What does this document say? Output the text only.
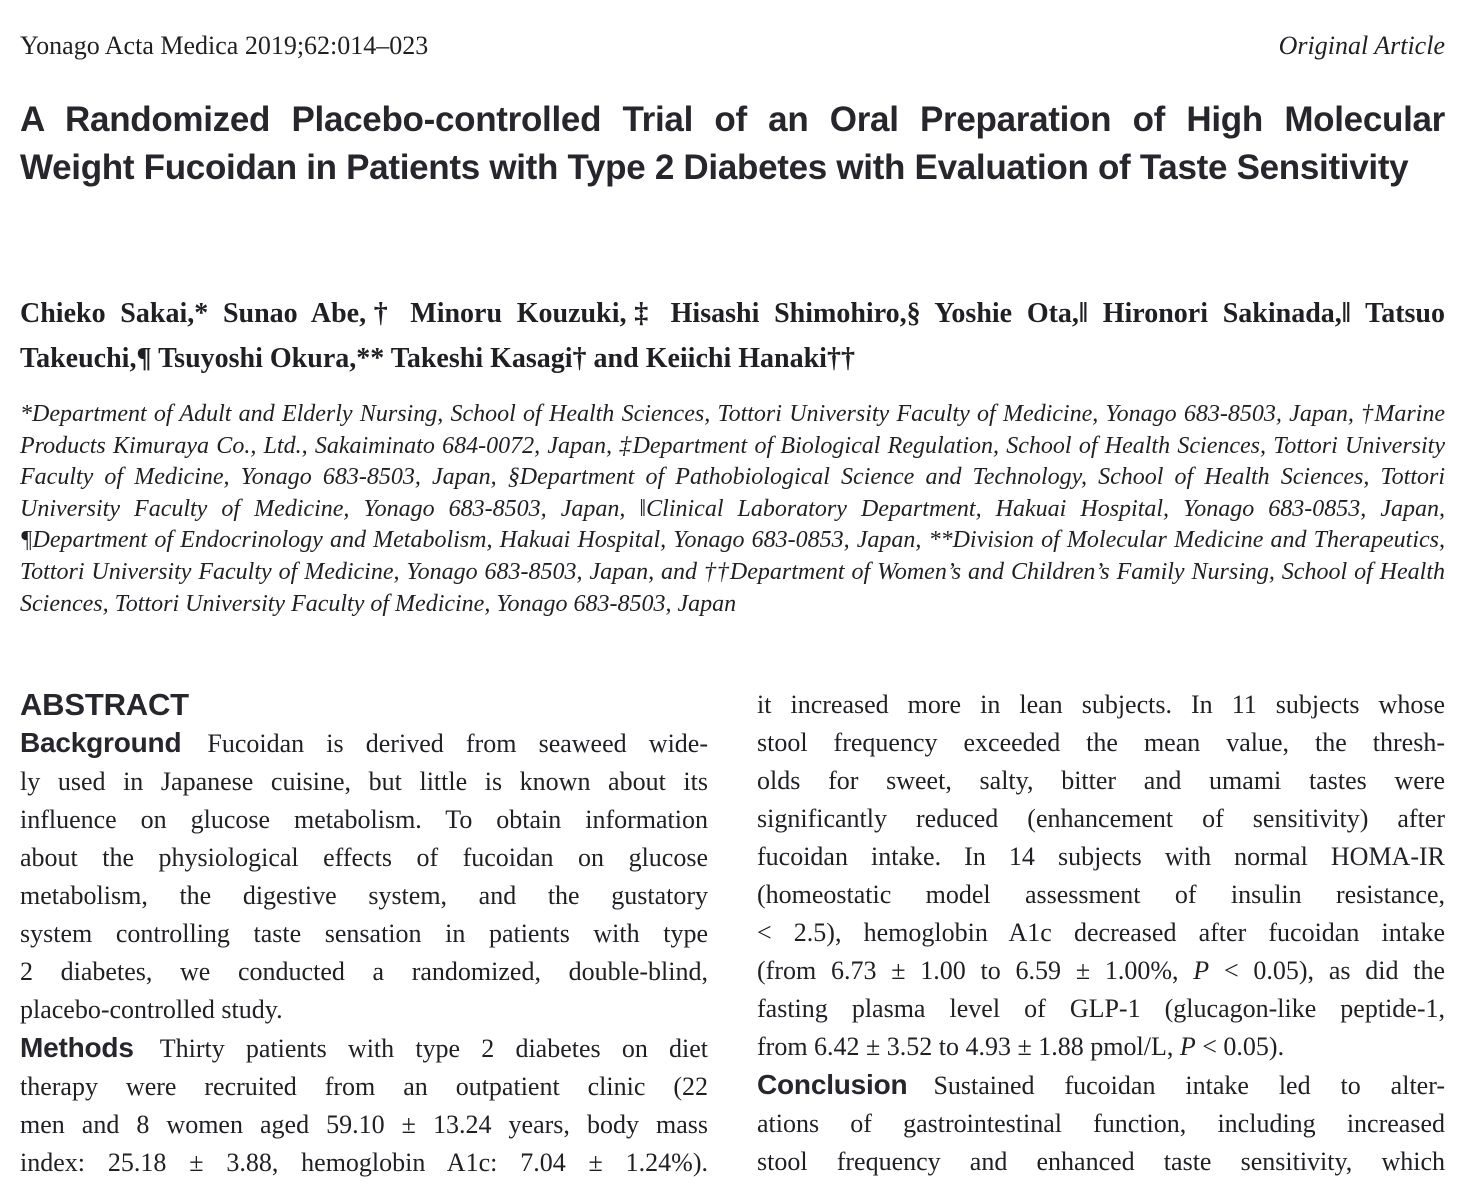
Yonago Acta Medica 2019;62:014–023	Original Article
A Randomized Placebo-controlled Trial of an Oral Preparation of High Molecular Weight Fucoidan in Patients with Type 2 Diabetes with Evaluation of Taste Sensitivity

Chieko Sakai,* Sunao Abe,† Minoru Kouzuki,‡ Hisashi Shimohiro,§ Yoshie Ota,‖ Hironori Sakinada,‖ Tatsuo Takeuchi,¶ Tsuyoshi Okura,** Takeshi Kasagi† and Keiichi Hanaki††

*Department of Adult and Elderly Nursing, School of Health Sciences, Tottori University Faculty of Medicine, Yonago 683-8503, Japan, †Marine Products Kimuraya Co., Ltd., Sakaiminato 684-0072, Japan, ‡Department of Biological Regulation, School of Health Sciences, Tottori University Faculty of Medicine, Yonago 683-8503, Japan, §Department of Pathobiological Science and Technology, School of Health Sciences, Tottori University Faculty of Medicine, Yonago 683-8503, Japan, ‖Clinical Laboratory Department, Hakuai Hospital, Yonago 683-0853, Japan, ¶Department of Endocrinology and Metabolism, Hakuai Hospital, Yonago 683-0853, Japan, **Division of Molecular Medicine and Therapeutics, Tottori University Faculty of Medicine, Yonago 683-8503, Japan, and ††Department of Women’s and Children’s Family Nursing, School of Health Sciences, Tottori University Faculty of Medicine, Yonago 683-8503, Japan

ABSTRACT
Background Fucoidan is derived from seaweed wide-
ly used in Japanese cuisine, but little is known about its
influence on glucose metabolism. To obtain information
about the physiological effects of fucoidan on glucose
metabolism, the digestive system, and the gustatory
system controlling taste sensation in patients with type
2 diabetes, we conducted a randomized, double-blind,
placebo-controlled study.
Methods Thirty patients with type 2 diabetes on diet
therapy were recruited from an outpatient clinic (22
men and 8 women aged 59.10 ± 13.24 years, body mass
index: 25.18 ± 3.88, hemoglobin A1c: 7.04 ± 1.24%).
it increased more in lean subjects. In 11 subjects whose
stool frequency exceeded the mean value, the thresh-
olds for sweet, salty, bitter and umami tastes were
significantly reduced (enhancement of sensitivity) after
fucoidan intake. In 14 subjects with normal HOMA-IR
(homeostatic model assessment of insulin resistance,
< 2.5), hemoglobin A1c decreased after fucoidan intake
(from 6.73 ± 1.00 to 6.59 ± 1.00%, P < 0.05), as did the
fasting plasma level of GLP-1 (glucagon-like peptide-1,
from 6.42 ± 3.52 to 4.93 ± 1.88 pmol/L, P < 0.05).
Conclusion Sustained fucoidan intake led to alter-
ations of gastrointestinal function, including increased
stool frequency and enhanced taste sensitivity, which
